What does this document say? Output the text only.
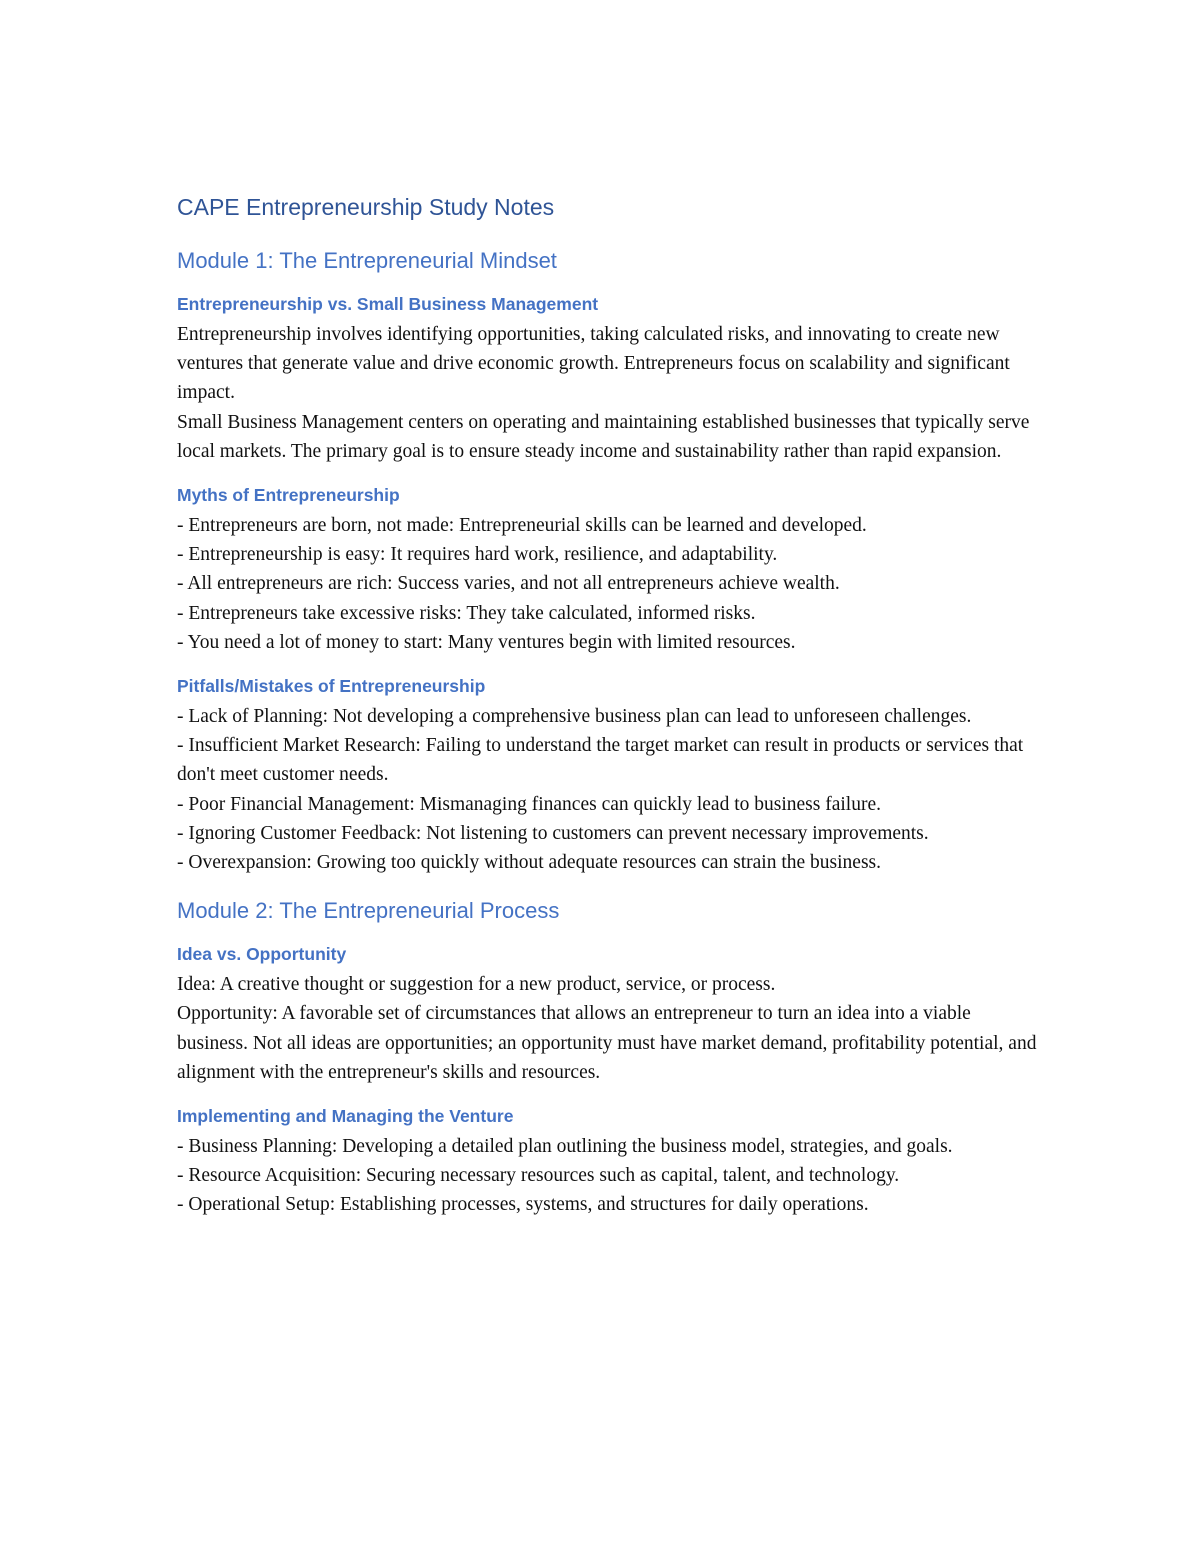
CAPE Entrepreneurship Study Notes
Module 1: The Entrepreneurial Mindset
Entrepreneurship vs. Small Business Management

Entrepreneurship involves identifying opportunities, taking calculated risks, and innovating to create new ventures that generate value and drive economic growth. Entrepreneurs focus on scalability and significant impact.

Small Business Management centers on operating and maintaining established businesses that typically serve local markets. The primary goal is to ensure steady income and sustainability rather than rapid expansion.

Myths of Entrepreneurship

- Entrepreneurs are born, not made: Entrepreneurial skills can be learned and developed.

- Entrepreneurship is easy: It requires hard work, resilience, and adaptability.

- All entrepreneurs are rich: Success varies, and not all entrepreneurs achieve wealth.

- Entrepreneurs take excessive risks: They take calculated, informed risks.

- You need a lot of money to start: Many ventures begin with limited resources.

Pitfalls/Mistakes of Entrepreneurship

- Lack of Planning: Not developing a comprehensive business plan can lead to unforeseen challenges.

- Insufficient Market Research: Failing to understand the target market can result in products or services that don't meet customer needs.

- Poor Financial Management: Mismanaging finances can quickly lead to business failure.

- Ignoring Customer Feedback: Not listening to customers can prevent necessary improvements.

- Overexpansion: Growing too quickly without adequate resources can strain the business.

Module 2: The Entrepreneurial Process
Idea vs. Opportunity

Idea: A creative thought or suggestion for a new product, service, or process.

Opportunity: A favorable set of circumstances that allows an entrepreneur to turn an idea into a viable business. Not all ideas are opportunities; an opportunity must have market demand, profitability potential, and alignment with the entrepreneur's skills and resources.

Implementing and Managing the Venture

- Business Planning: Developing a detailed plan outlining the business model, strategies, and goals.

- Resource Acquisition: Securing necessary resources such as capital, talent, and technology.

- Operational Setup: Establishing processes, systems, and structures for daily operations.
